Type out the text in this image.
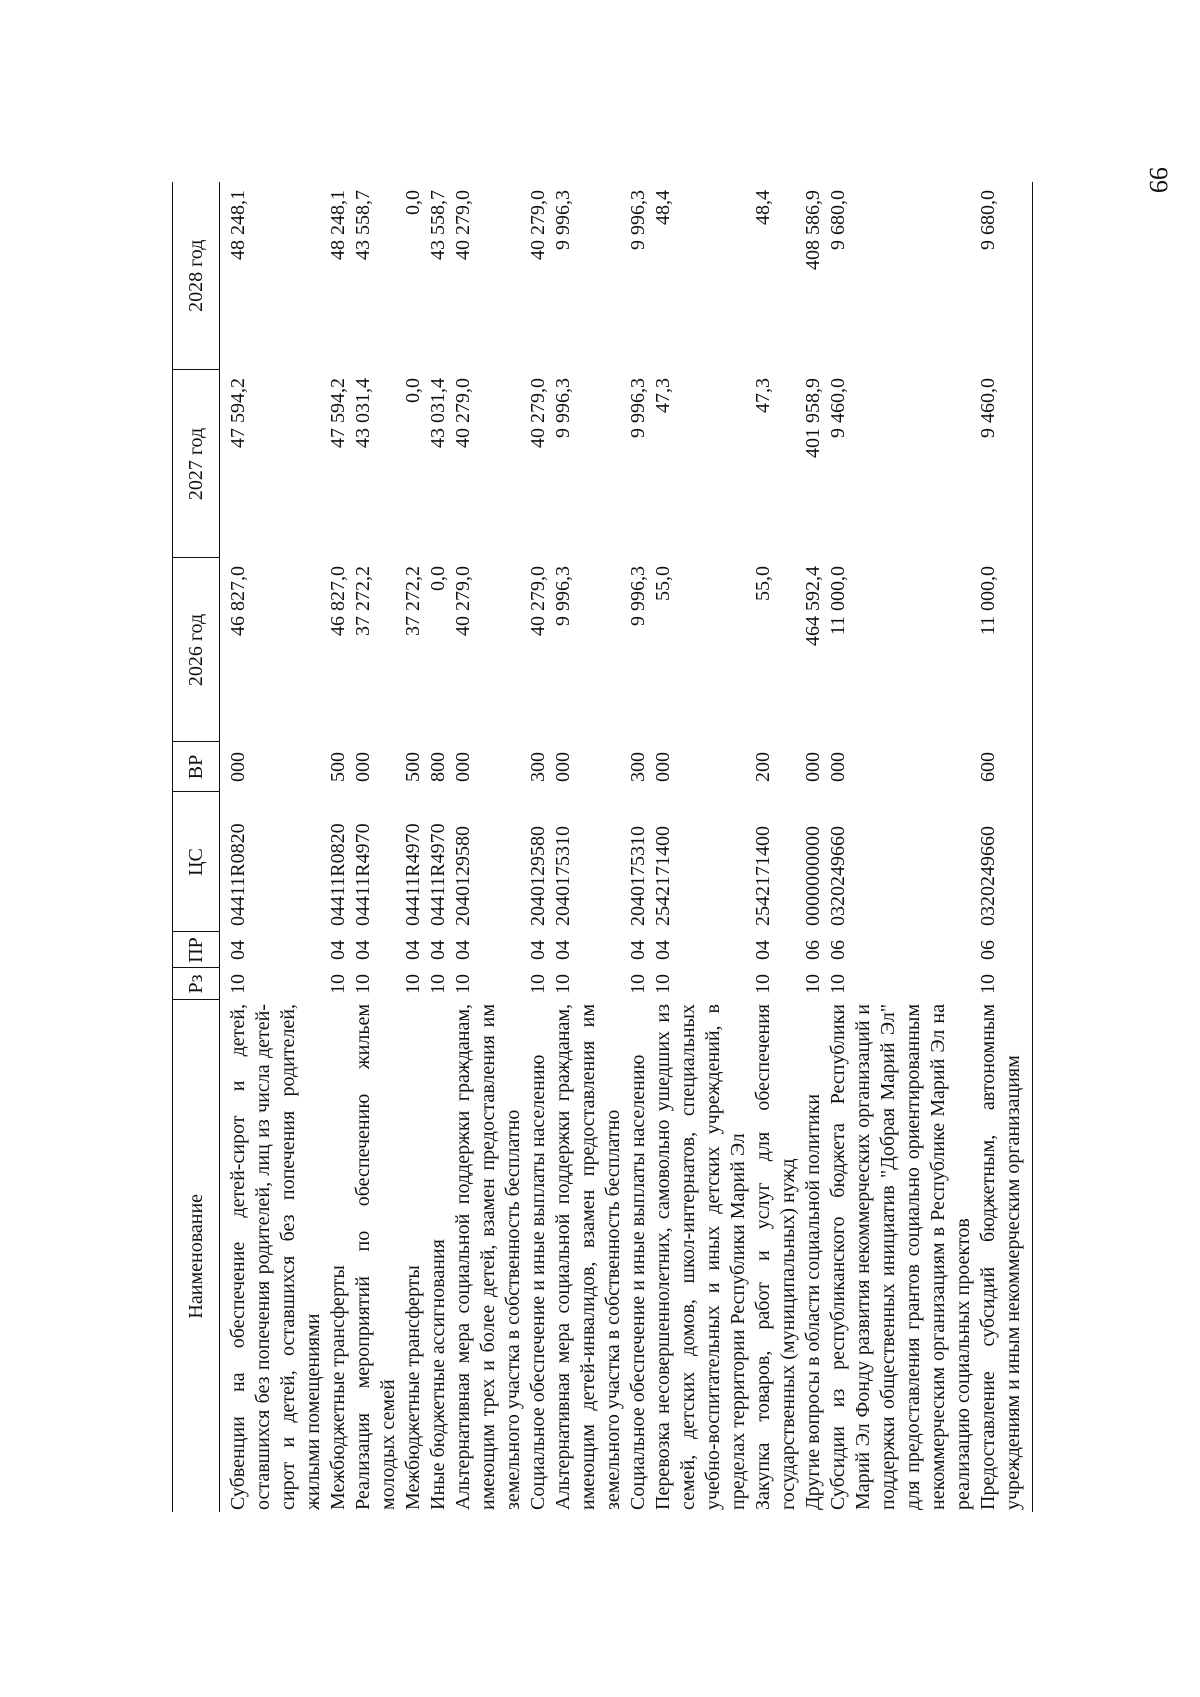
99
Наименование	Рз	ПР	ЦС	ВР	2026 год	2027 год	2028 год
Субвенции на обеспечение детей-сирот и детей, оставшихся без попечения родителей, лиц из числа детей-сирот и детей, оставшихся без попечения родителей, жилыми помещениями	10	04	04411R0820	000	46 827,0	47 594,2	48 248,1
Межбюджетные трансферты	10	04	04411R0820	500	46 827,0	47 594,2	48 248,1
Реализация мероприятий по обеспечению жильем молодых семей	10	04	04411R4970	000	37 272,2	43 031,4	43 558,7
Межбюджетные трансферты	10	04	04411R4970	500	37 272,2	0,0	0,0
Иные бюджетные ассигнования	10	04	04411R4970	800	0,0	43 031,4	43 558,7
Альтернативная мера социальной поддержки гражданам, имеющим трех и более детей, взамен предоставления им земельного участка в собственность бесплатно	10	04	2040129580	000	40 279,0	40 279,0	40 279,0
Социальное обеспечение и иные выплаты населению	10	04	2040129580	300	40 279,0	40 279,0	40 279,0
Альтернативная мера социальной поддержки гражданам, имеющим детей-инвалидов, взамен предоставления им земельного участка в собственность бесплатно	10	04	2040175310	000	9 996,3	9 996,3	9 996,3
Социальное обеспечение и иные выплаты населению	10	04	2040175310	300	9 996,3	9 996,3	9 996,3
Перевозка несовершеннолетних, самовольно ушедших из семей, детских домов, школ-интернатов, специальных учебно-воспитательных и иных детских учреждений, в пределах территории Республики Марий Эл	10	04	2542171400	000	55,0	47,3	48,4
Закупка товаров, работ и услуг для обеспечения государственных (муниципальных) нужд	10	04	2542171400	200	55,0	47,3	48,4
Другие вопросы в области социальной политики	10	06	0000000000	000	464 592,4	401 958,9	408 586,9
Субсидии из республиканского бюджета Республики Марий Эл Фонду развития некоммерческих организаций и поддержки общественных инициатив "Добрая Марий Эл" для предоставления грантов социально ориентированным некоммерческим организациям в Республике Марий Эл на реализацию социальных проектов	10	06	0320249660	000	11 000,0	9 460,0	9 680,0
Предоставление субсидий бюджетным, автономным учреждениям и иным некоммерческим организациям	10	06	0320249660	600	11 000,0	9 460,0	9 680,0
